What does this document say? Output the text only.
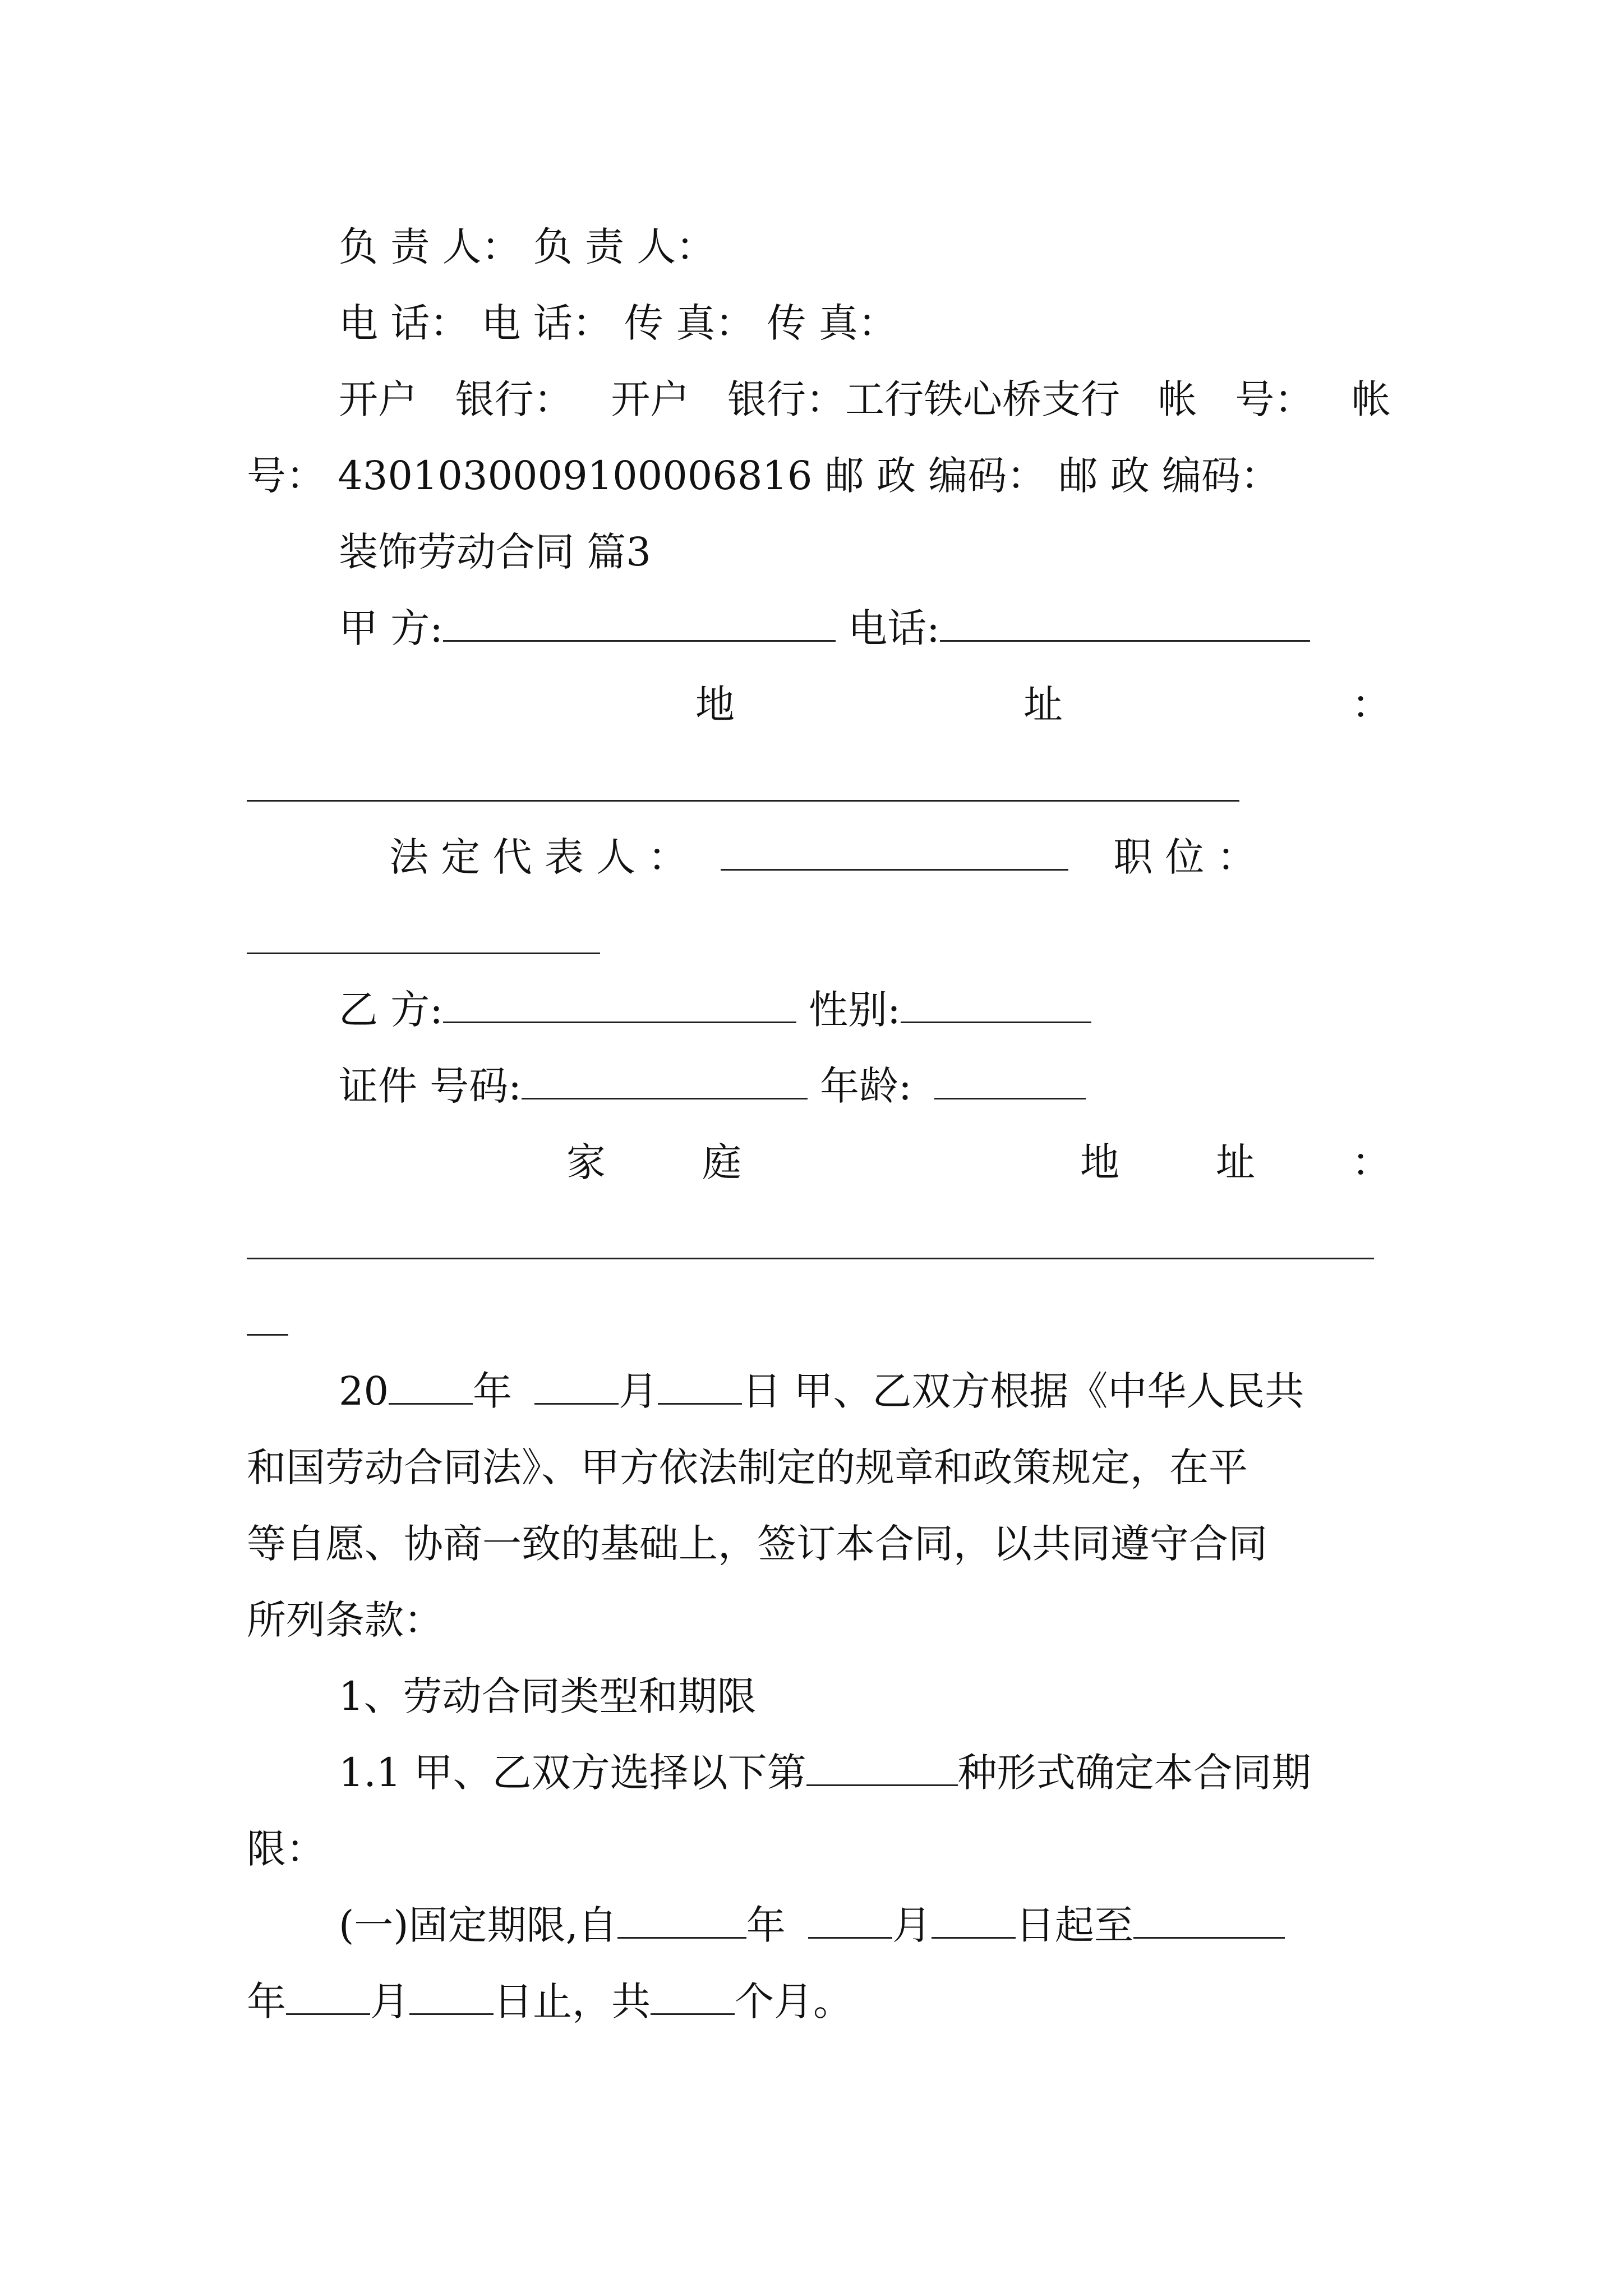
负 责 人： 负 责 人：
电 话： 电 话： 传 真： 传 真：
开户 银行： 开户 银行：工行铁心桥支行 帐 号： 帐
号： 4301030009100006816 邮 政 编码： 邮 政 编码：
装饰劳动合同 篇3
甲 方:	电话:
地	址	：
法 定 代 表 人 ：	职 位 ：
乙 方:	性别:
证件 号码:	年龄:
家 庭	地 址 ：
20 年	月 日 甲、乙双方根据《中华人民共
和国劳动合同法》、甲方依法制定的规章和政策规定，在平
等自愿、协商一致的基础上，签订本合同，以共同遵守合同
所列条款：
1、劳动合同类型和期限
1.1 甲、乙双方选择以下第	种形式确定本合同期
限：
(一)固定期限,自	年	月 日起至
年 月 日止，共 个月。
